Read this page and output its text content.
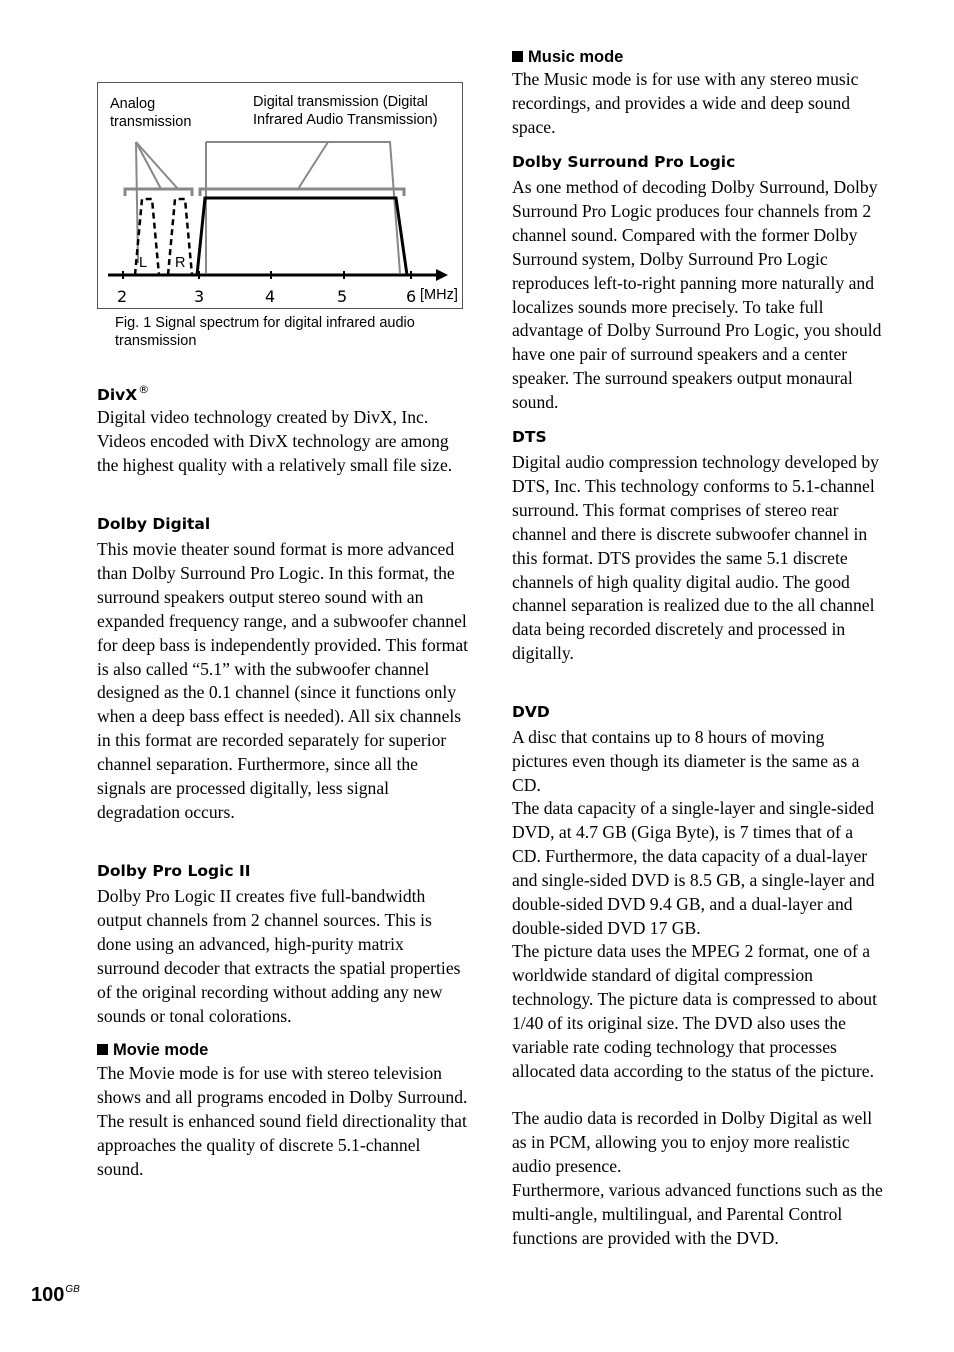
Analog
transmission

Digital transmission (Digital
Infrared Audio Transmission)

L R

2	3	4	5	6 [MHz]

Fig. 1 Signal spectrum for digital infrared audio transmission

DivX®

Digital video technology created by DivX, Inc. Videos encoded with DivX technology are among the highest quality with a relatively small file size.

Dolby Digital

This movie theater sound format is more advanced than Dolby Surround Pro Logic. In this format, the surround speakers output stereo sound with an expanded frequency range, and a subwoofer channel for deep bass is independently provided. This format is also called “5.1” with the subwoofer channel designed as the 0.1 channel (since it functions only when a deep bass effect is needed). All six channels in this format are recorded separately for superior channel separation. Furthermore, since all the signals are processed digitally, less signal degradation occurs.

Dolby Pro Logic II

Dolby Pro Logic II creates five full-bandwidth output channels from 2 channel sources. This is done using an advanced, high-purity matrix surround decoder that extracts the spatial properties of the original recording without adding any new sounds or tonal colorations.

Movie mode

The Movie mode is for use with stereo television shows and all programs encoded in Dolby Surround. The result is enhanced sound field directionality that approaches the quality of discrete 5.1-channel sound.

Music mode

The Music mode is for use with any stereo music recordings, and provides a wide and deep sound space.

Dolby Surround Pro Logic

As one method of decoding Dolby Surround, Dolby Surround Pro Logic produces four channels from 2 channel sound. Compared with the former Dolby Surround system, Dolby Surround Pro Logic reproduces left-to-right panning more naturally and localizes sounds more precisely. To take full advantage of Dolby Surround Pro Logic, you should have one pair of surround speakers and a center speaker. The surround speakers output monaural sound.

DTS

Digital audio compression technology developed by DTS, Inc. This technology conforms to 5.1-channel surround. This format comprises of stereo rear channel and there is discrete subwoofer channel in this format. DTS provides the same 5.1 discrete channels of high quality digital audio. The good channel separation is realized due to the all channel data being recorded discretely and processed in digitally.

DVD

A disc that contains up to 8 hours of moving pictures even though its diameter is the same as a CD.

The data capacity of a single-layer and single-sided DVD, at 4.7 GB (Giga Byte), is 7 times that of a CD. Furthermore, the data capacity of a dual-layer and single-sided DVD is 8.5 GB, a single-layer and double-sided DVD 9.4 GB, and a dual-layer and double-sided DVD 17 GB.

The picture data uses the MPEG 2 format, one of a worldwide standard of digital compression technology. The picture data is compressed to about 1/40 of its original size. The DVD also uses the variable rate coding technology that processes allocated data according to the status of the picture.

The audio data is recorded in Dolby Digital as well as in PCM, allowing you to enjoy more realistic audio presence.

Furthermore, various advanced functions such as the multi-angle, multilingual, and Parental Control functions are provided with the DVD.

$100^{GB}$
